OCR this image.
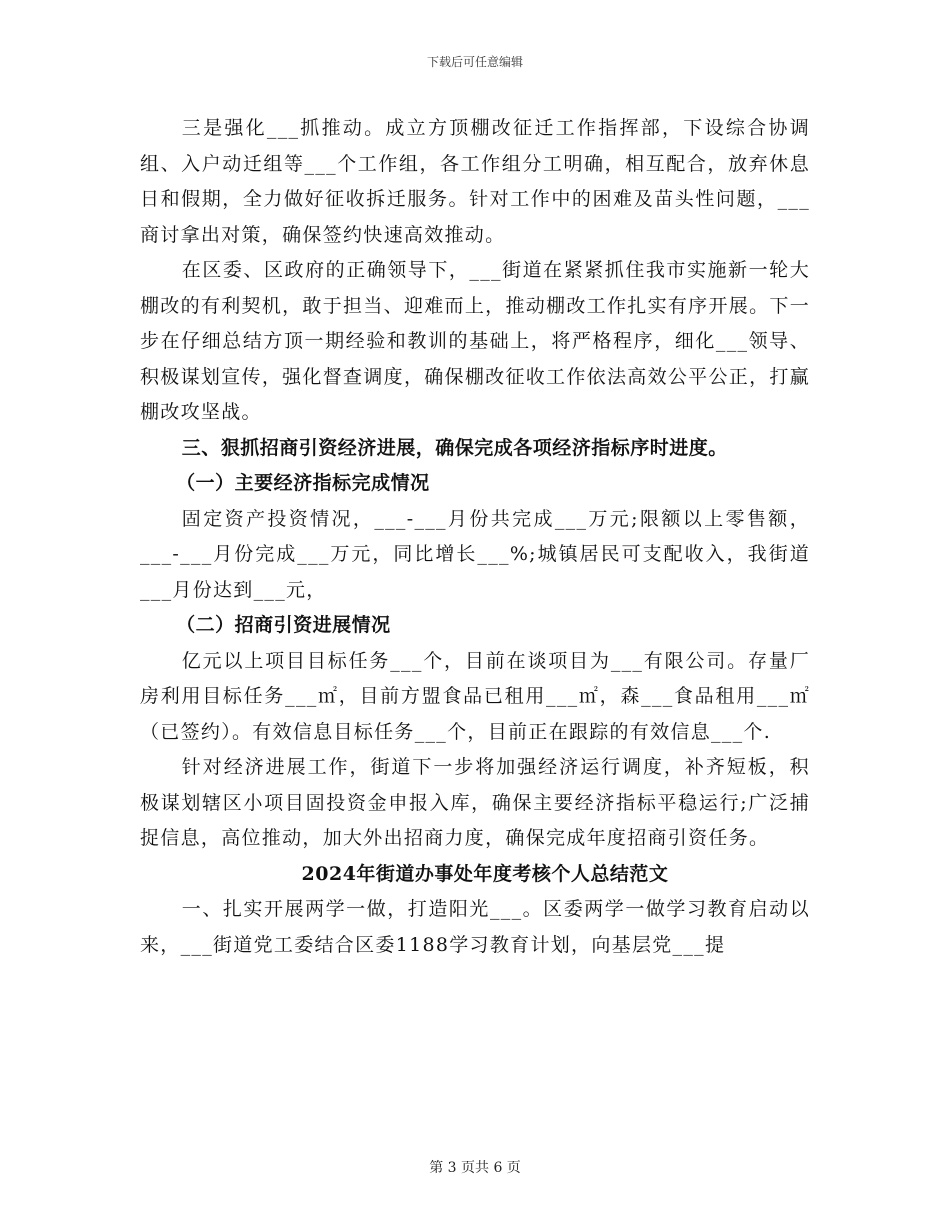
下载后可任意编辑

三是强化___抓推动。成立方顶棚改征迁工作指挥部，下设综合协调组、入户动迁组等___个工作组，各工作组分工明确，相互配合，放弃休息日和假期，全力做好征收拆迁服务。针对工作中的困难及苗头性问题，___商讨拿出对策，确保签约快速高效推动。

在区委、区政府的正确领导下，___街道在紧紧抓住我市实施新一轮大棚改的有利契机，敢于担当、迎难而上，推动棚改工作扎实有序开展。下一步在仔细总结方顶一期经验和教训的基础上，将严格程序，细化___领导、积极谋划宣传，强化督查调度，确保棚改征收工作依法高效公平公正，打赢棚改攻坚战。

三、狠抓招商引资经济进展，确保完成各项经济指标序时进度。

（一）主要经济指标完成情况

固定资产投资情况，___-___月份共完成___万元;限额以上零售额，___-___月份完成___万元，同比增长___%;城镇居民可支配收入，我街道___月份达到___元，

（二）招商引资进展情况

亿元以上项目目标任务___个，目前在谈项目为___有限公司。存量厂房利用目标任务___㎡，目前方盟食品已租用___㎡，森___食品租用___㎡（已签约）。有效信息目标任务___个，目前正在跟踪的有效信息___个.

针对经济进展工作，街道下一步将加强经济运行调度，补齐短板，积极谋划辖区小项目固投资金申报入库，确保主要经济指标平稳运行;广泛捕捉信息，高位推动，加大外出招商力度，确保完成年度招商引资任务。

2024年街道办事处年度考核个人总结范文

一、扎实开展两学一做，打造阳光___。区委两学一做学习教育启动以来，___街道党工委结合区委1188学习教育计划，向基层党___提

第 3 页共 6 页
